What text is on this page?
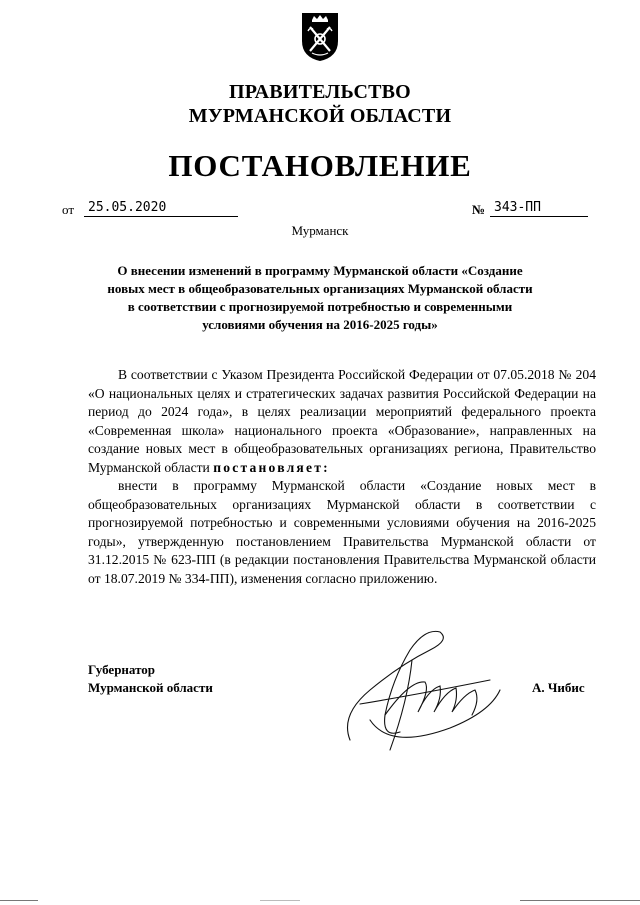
ПРАВИТЕЛЬСТВО
МУРМАНСКОЙ ОБЛАСТИ
ПОСТАНОВЛЕНИЕ
от	25.05.2020	№ 343-ПП
Мурманск
О внесении изменений в программу Мурманской области «Создание
новых мест в общеобразовательных организациях Мурманской области
в соответствии с прогнозируемой потребностью и современными
условиями обучения на 2016-2025 годы»

В соответствии с Указом Президента Российской Федерации от 07.05.2018 № 204 «О национальных целях и стратегических задачах развития Российской Федерации на период до 2024 года», в целях реализации мероприятий федерального проекта «Современная школа» национального проекта «Образование», направленных на создание новых мест в общеобразовательных организациях региона, Правительство Мурманской области постановляет:

внести в программу Мурманской области «Создание новых мест в общеобразовательных организациях Мурманской области в соответствии с прогнозируемой потребностью и современными условиями обучения на 2016-2025 годы», утвержденную постановлением Правительства Мурманской области от 31.12.2015 № 623-ПП (в редакции постановления Правительства Мурманской области от 18.07.2019 № 334-ПП), изменения согласно приложению.

Губернатор
Мурманской области	А. Чибис
